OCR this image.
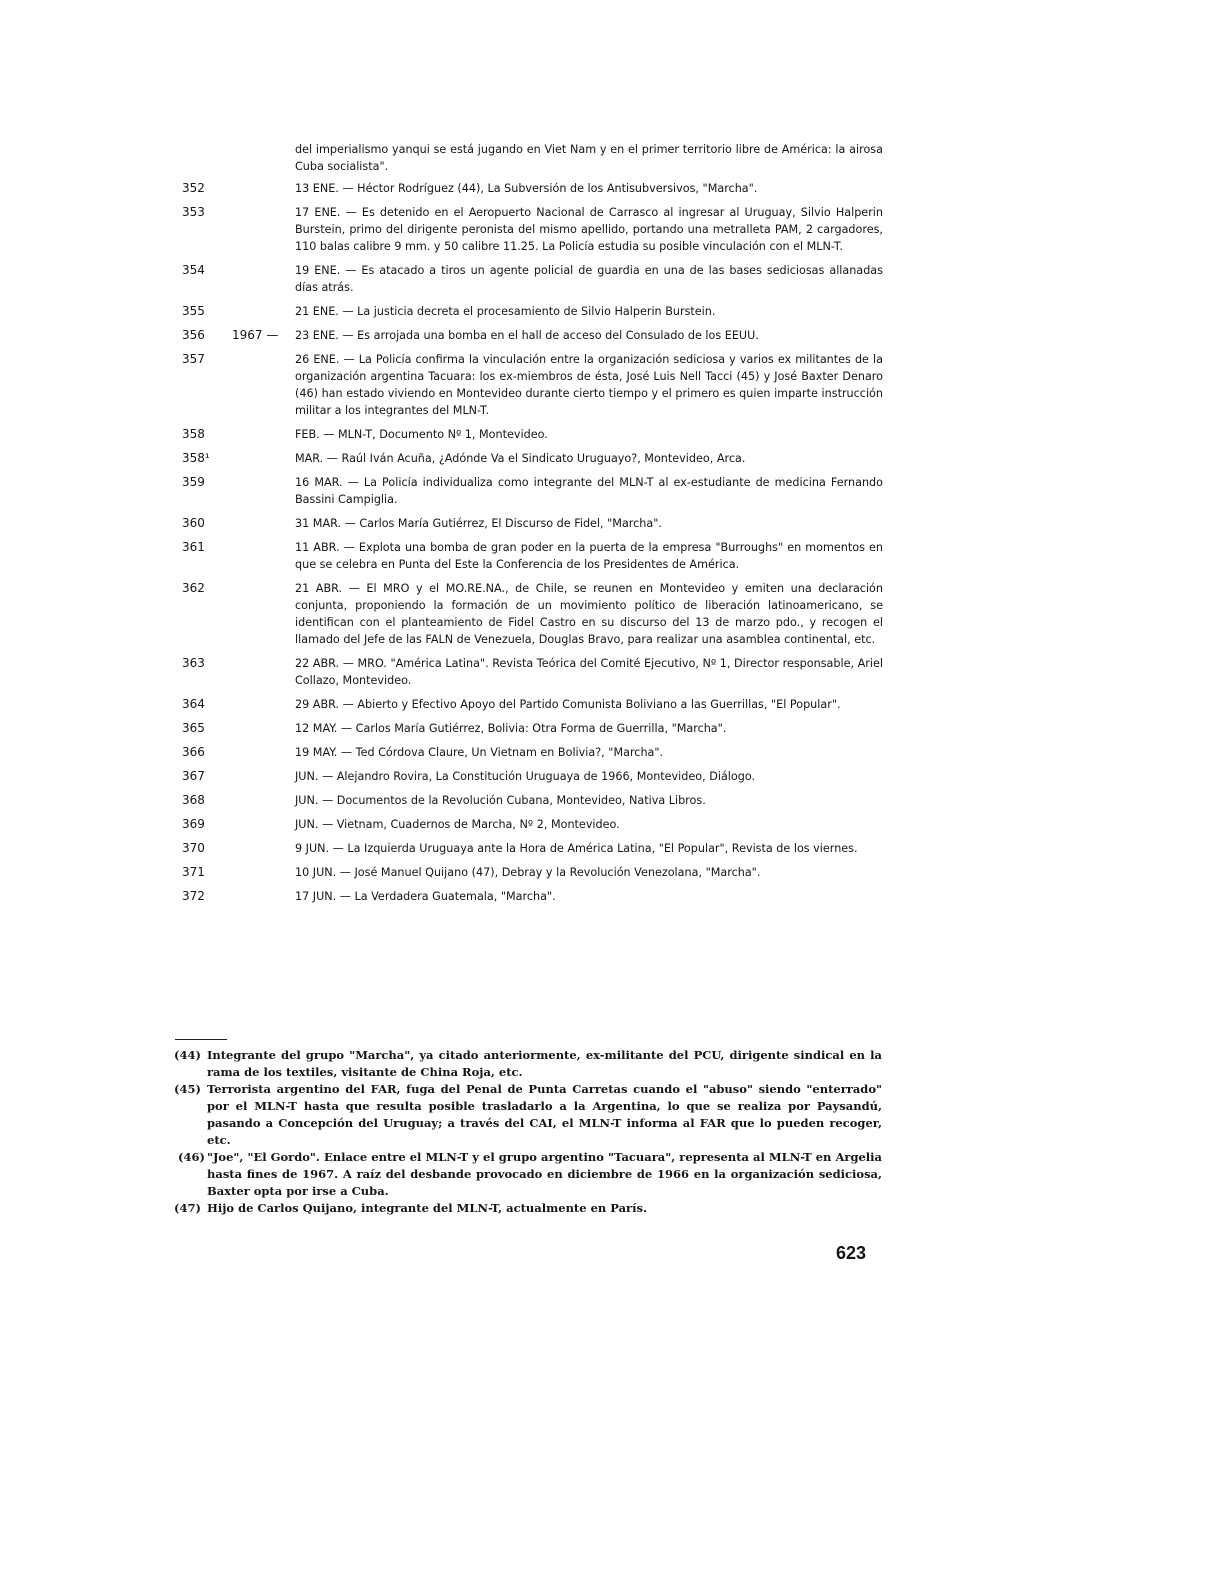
del imperialismo yanqui se está jugando en Viet Nam y en el primer territorio libre de América: la airosa Cuba socialista".
352	13 ENE. — Héctor Rodríguez (44), La Subversión de los Antisubversivos, "Marcha".
353	17 ENE. — Es detenido en el Aeropuerto Nacional de Carrasco al ingresar al Uruguay, Silvio Halperin Burstein, primo del dirigente peronista del mismo apellido, portando una metralleta PAM, 2 cargadores, 110 balas calibre 9 mm. y 50 calibre 11.25. La Policía estudia su posible vinculación con el MLN-T.
354	19 ENE. — Es atacado a tiros un agente policial de guardia en una de las bases sediciosas allanadas días atrás.
355	21 ENE. — La justicia decreta el procesamiento de Silvio Halperin Burstein.
356	1967 —	23 ENE. — Es arrojada una bomba en el hall de acceso del Consulado de los EEUU.
357	26 ENE. — La Policía confirma la vinculación entre la organización sediciosa y varios ex militantes de la organización argentina Tacuara: los ex-miembros de ésta, José Luis Nell Tacci (45) y José Baxter Denaro (46) han estado viviendo en Montevideo durante cierto tiempo y el primero es quien imparte instrucción militar a los integrantes del MLN-T.
358	FEB. — MLN-T, Documento Nº 1, Montevideo.
358¹	MAR. — Raúl Iván Acuña, ¿Adónde Va el Sindicato Uruguayo?, Montevideo, Arca.
359	16 MAR. — La Policía individualiza como integrante del MLN-T al ex-estudiante de medicina Fernando Bassini Campiglia.
360	31 MAR. — Carlos María Gutiérrez, El Discurso de Fidel, "Marcha".
361	11 ABR. — Explota una bomba de gran poder en la puerta de la empresa "Burroughs" en momentos en que se celebra en Punta del Este la Conferencia de los Presidentes de América.
362	21 ABR. — El MRO y el MO.RE.NA., de Chile, se reunen en Montevideo y emiten una declaración conjunta, proponiendo la formación de un movimiento político de liberación latinoamericano, se identifican con el planteamiento de Fidel Castro en su discurso del 13 de marzo pdo., y recogen el llamado del Jefe de las FALN de Venezuela, Douglas Bravo, para realizar una asamblea continental, etc.
363	22 ABR. — MRO. "América Latina". Revista Teórica del Comité Ejecutivo, Nº 1, Director responsable, Ariel Collazo, Montevideo.
364	29 ABR. — Abierto y Efectivo Apoyo del Partido Comunista Boliviano a las Guerrillas, "El Popular".
365	12 MAY. — Carlos María Gutiérrez, Bolivia: Otra Forma de Guerrilla, "Marcha".
366	19 MAY. — Ted Córdova Claure, Un Vietnam en Bolivia?, "Marcha".
367	JUN. — Alejandro Rovira, La Constitución Uruguaya de 1966, Montevideo, Diálogo.
368	JUN. — Documentos de la Revolución Cubana, Montevideo, Nativa Libros.
369	JUN. — Vietnam, Cuadernos de Marcha, Nº 2, Montevideo.
370	9 JUN. — La Izquierda Uruguaya ante la Hora de América Latina, "El Popular", Revista de los viernes.
371	10 JUN. — José Manuel Quijano (47), Debray y la Revolución Venezolana, "Marcha".
372	17 JUN. — La Verdadera Guatemala, "Marcha".
(44) Integrante del grupo "Marcha", ya citado anteriormente, ex-militante del PCU, dirigente sindical en la rama de los textiles, visitante de China Roja, etc.
(45) Terrorista argentino del FAR, fuga del Penal de Punta Carretas cuando el "abuso" siendo "enterrado" por el MLN-T hasta que resulta posible trasladarlo a la Argentina, lo que se realiza por Paysandú, pasando a Concepción del Uruguay; a través del CAI, el MLN-T informa al FAR que lo pueden recoger, etc.
(46) "Joe", "El Gordo". Enlace entre el MLN-T y el grupo argentino "Tacuara", representa al MLN-T en Argelia hasta fines de 1967. A raíz del desbande provocado en diciembre de 1966 en la organización sediciosa, Baxter opta por irse a Cuba.
(47) Hijo de Carlos Quijano, integrante del MLN-T, actualmente en París.
623
